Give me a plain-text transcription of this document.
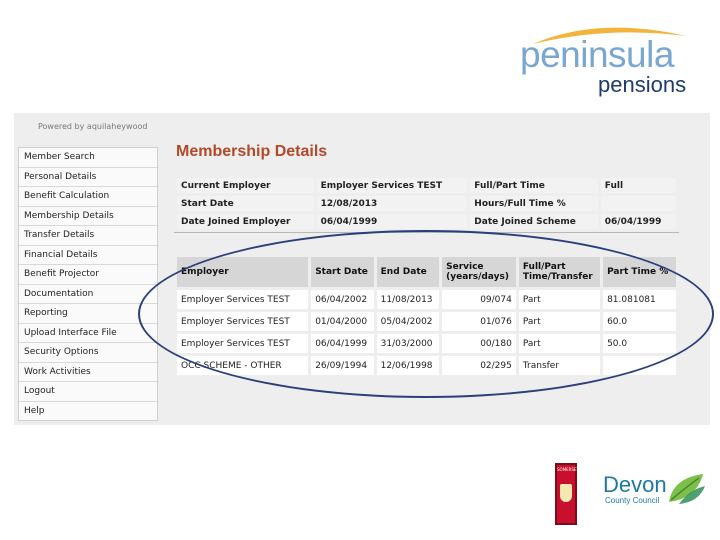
peninsula
pensions
Powered by aquilaheywood
Member Search
Personal Details
Benefit Calculation
Membership Details
Transfer Details
Financial Details
Benefit Projector
Documentation
Reporting
Upload Interface File
Security Options
Work Activities
Logout
Help
Membership Details
Current Employer	Employer Services TEST	Full/Part Time	Full
Start Date	12/08/2013	Hours/Full Time %	
Date Joined Employer	06/04/1999	Date Joined Scheme	06/04/1999
Employer	Start Date	End Date	Service (years/days)	Full/Part Time/Transfer	Part Time %
Employer Services TEST	06/04/2002	11/08/2013	09/074	Part	81.081081
Employer Services TEST	01/04/2000	05/04/2002	01/076	Part	60.0
Employer Services TEST	06/04/1999	31/03/2000	00/180	Part	50.0
OCC SCHEME - OTHER	26/09/1994	12/06/1998	02/295	Transfer	
SOMERSET
Devon
County Council
